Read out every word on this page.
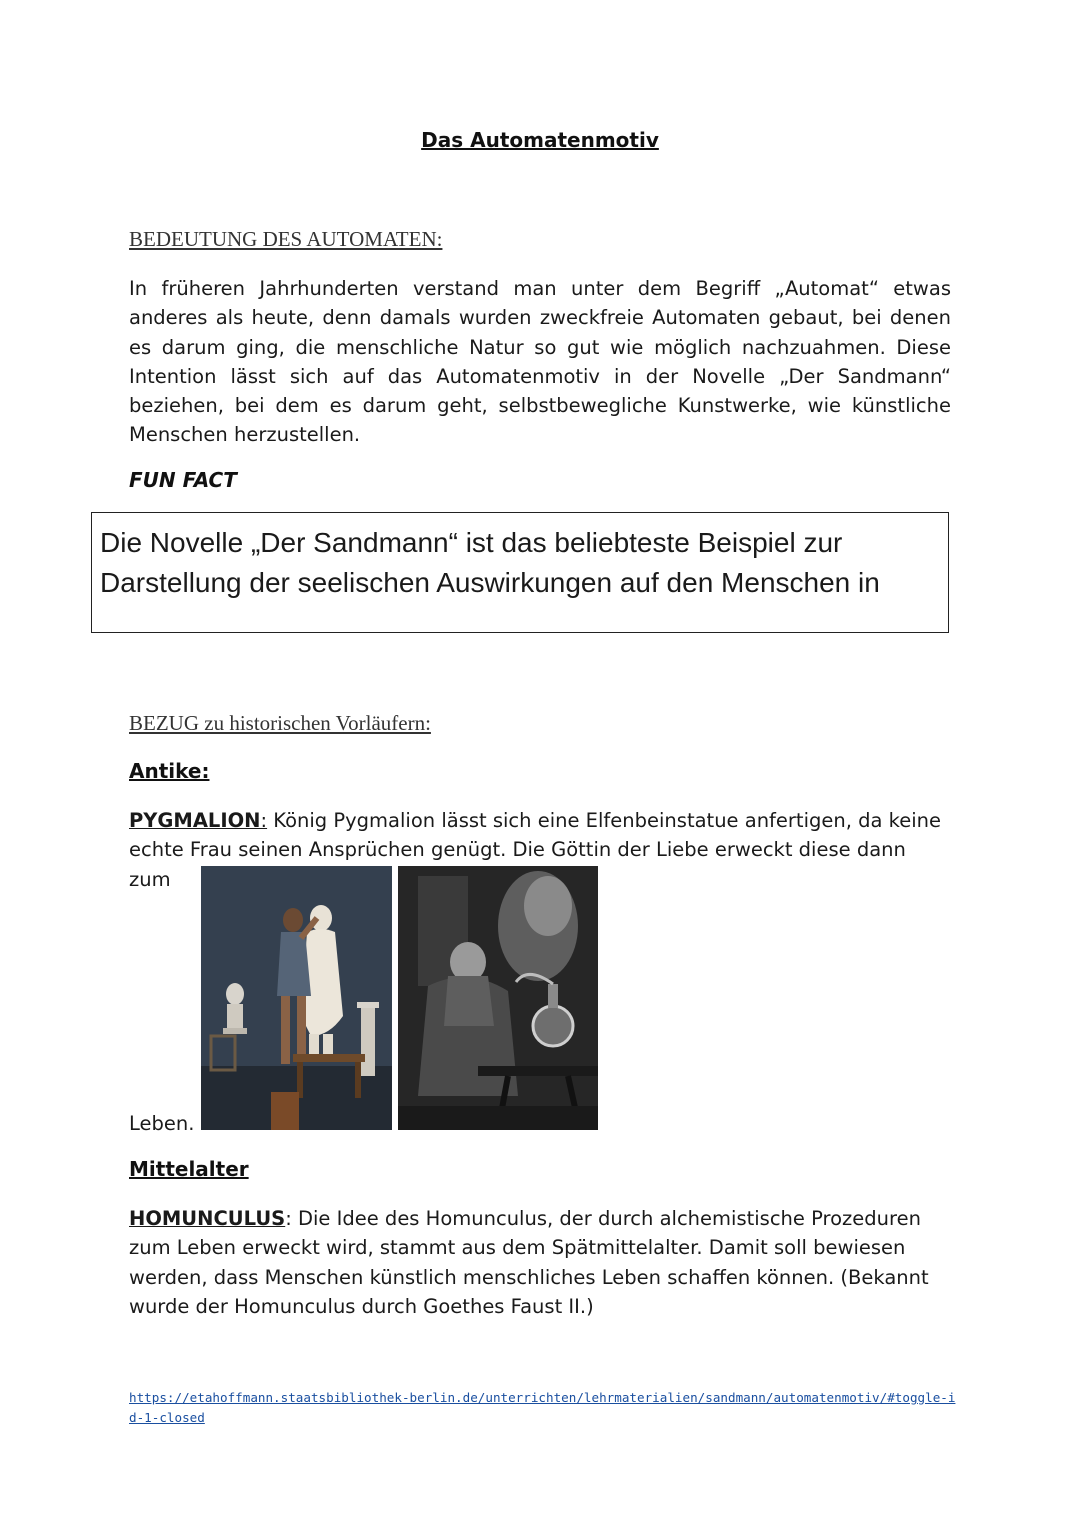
Das Automatenmotiv
BEDEUTUNG DES AUTOMATEN:
In früheren Jahrhunderten verstand man unter dem Begriff „Automat“ etwas anderes als heute, denn damals wurden zweckfreie Automaten gebaut, bei denen es darum ging, die menschliche Natur so gut wie möglich nachzuahmen. Diese Intention lässt sich auf das Automatenmotiv in der Novelle „Der Sandmann“ beziehen, bei dem es darum geht, selbstbewegliche Kunstwerke, wie künstliche Menschen herzustellen.
FUN FACT
Die Novelle „Der Sandmann“ ist das beliebteste Beispiel zur Darstellung der seelischen Auswirkungen auf den Menschen in
BEZUG zu historischen Vorläufern:
Antike:
PYGMALION: König Pygmalion lässt sich eine Elfenbeinstatue anfertigen, da keine echte Frau seinen Ansprüchen genügt. Die Göttin der Liebe erweckt diese dann zum
Leben.
Mittelalter
HOMUNCULUS: Die Idee des Homunculus, der durch alchemistische Prozeduren zum Leben erweckt wird, stammt aus dem Spätmittelalter. Damit soll bewiesen werden, dass Menschen künstlich menschliches Leben schaffen können. (Bekannt wurde der Homunculus durch Goethes Faust II.)
https://etahoffmann.staatsbibliothek-berlin.de/unterrichten/lehrmaterialien/sandmann/automatenmotiv/#toggle-id-1-closed
